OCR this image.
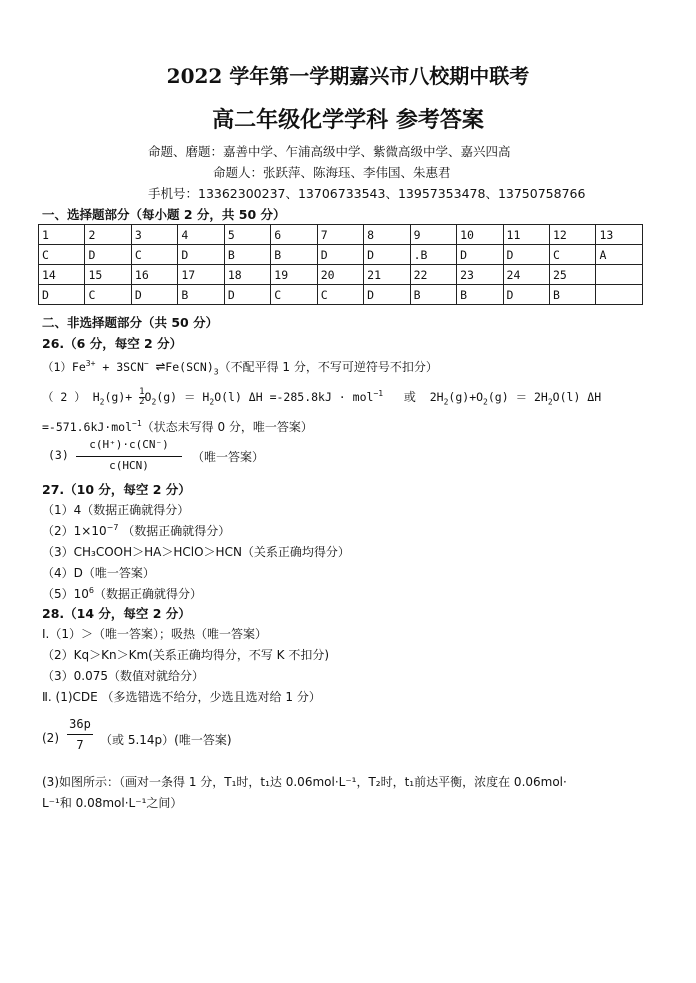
2022 学年第一学期嘉兴市八校期中联考
高二年级化学学科 参考答案
命题、磨题：嘉善中学、乍浦高级中学、紫微高级中学、嘉兴四高
命题人：张跃萍、陈海珏、李伟国、朱惠君
手机号：13362300237、13706733543、13957353478、13750758766
一、选择题部分（每小题 2 分，共 50 分）
1	2	3	4	5	6	7	8	9	10	11	12	13
C	D	C	D	B	B	D	D	.B	D	D	C	A
14	15	16	17	18	19	20	21	22	23	24	25	
D	C	D	B	D	C	C	D	B	B	D	B	
二、非选择题部分（共 50 分）
26.（6 分，每空 2 分）
$(1)Fe^{3+} + 3SCN^-$ $\rightleftharpoons Fe(SCN)_3$（不配平得 1 分，不写可逆符号不扣分）
（ 2 ） $H_2(g)+ \frac{1}{2} O_2(g) = H_2O(l)$ ΔH =-285.8kJ · mol$^{-1}$ 或 $2H_2(g)+O_2(g) = 2H_2O(l)$ ΔH
=-571.6kJ·mol$^{-1}$（状态未写得 0 分，唯一答案）
(3)
c(H⁺)·c(CN⁻)
c(HCN)
（唯一答案）
27.（10 分，每空 2 分）
（1）4（数据正确就得分）
$(2)1\times 10^{-7}$ （数据正确就得分）
（3）CH₃COOH＞HA＞HClO＞HCN（关系正确均得分）
（4）D（唯一答案）
$(5)10^6$（数据正确就得分）
28.（14 分，每空 2 分）
Ⅰ.（1）＞（唯一答案）；吸热（唯一答案）
（2）Kq＞Kn＞Km(关系正确均得分，不写 K 不扣分)
（3）0.075（数值对就给分）
Ⅱ. (1)CDE （多选错选不给分，少选且选对给 1 分）
(2)
36p
7	（或 5.14p）(唯一答案)
(3)如图所示：（画对一条得 1 分，T₁时，t₁达 0.06mol·L⁻¹，T₂时，t₁前达平衡，浓度在 0.06mol·
L⁻¹和 0.08mol·L⁻¹之间）
